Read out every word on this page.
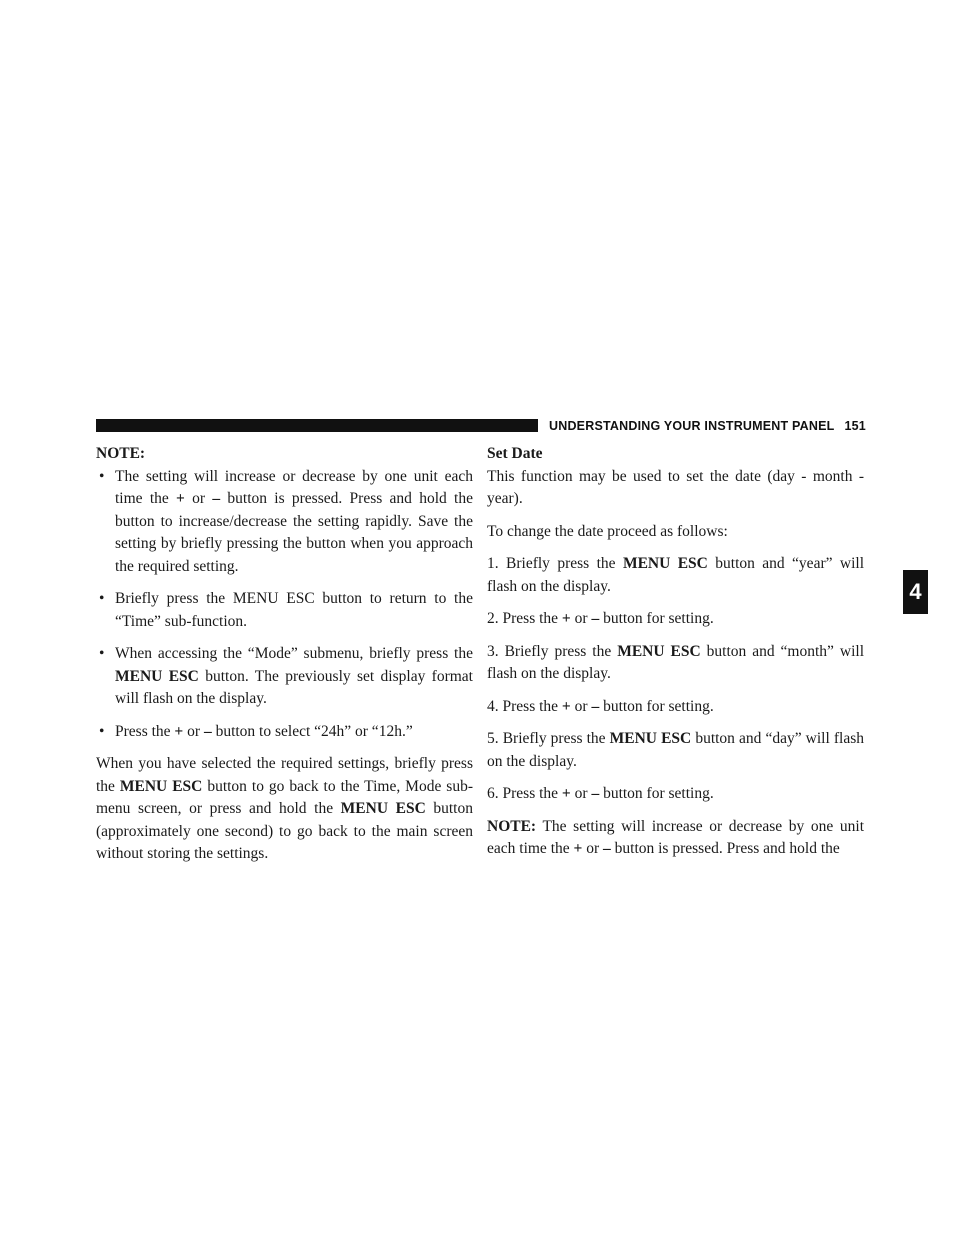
UNDERSTANDING YOUR INSTRUMENT PANEL 151
4
NOTE:
• The setting will increase or decrease by one unit each time the + or – button is pressed. Press and hold the button to increase/decrease the setting rapidly. Save the setting by briefly pressing the button when you approach the required setting.
• Briefly press the MENU ESC button to return to the “Time” sub-function.
• When accessing the “Mode” submenu, briefly press the MENU ESC button. The previously set display format will flash on the display.
• Press the + or – button to select “24h” or “12h.”

When you have selected the required settings, briefly press the MENU ESC button to go back to the Time, Mode sub-menu screen, or press and hold the MENU ESC button (approximately one second) to go back to the main screen without storing the settings.

Set Date

This function may be used to set the date (day - month - year).

To change the date proceed as follows:

1. Briefly press the MENU ESC button and “year” will flash on the display.

2. Press the + or – button for setting.

3. Briefly press the MENU ESC button and “month” will flash on the display.

4. Press the + or – button for setting.

5. Briefly press the MENU ESC button and “day” will flash on the display.

6. Press the + or – button for setting.

NOTE: The setting will increase or decrease by one unit each time the + or – button is pressed. Press and hold the
